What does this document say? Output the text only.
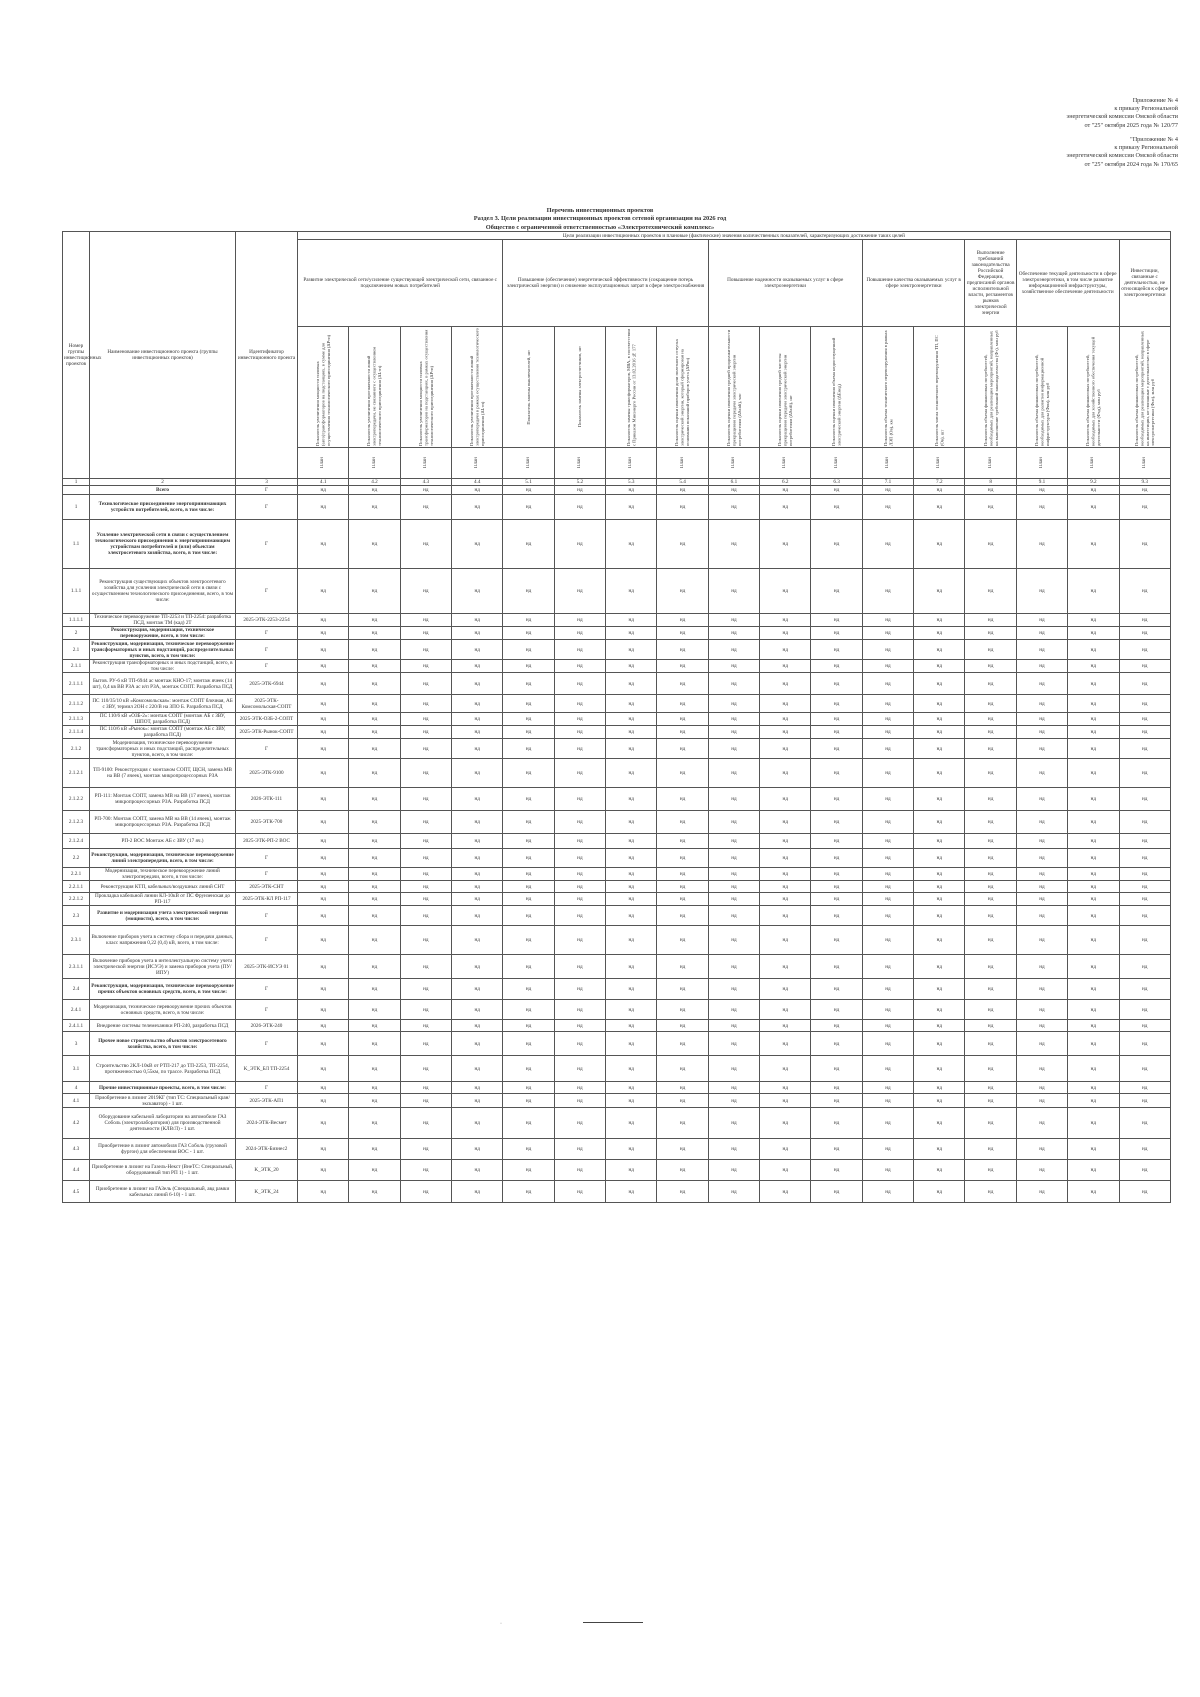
Приложение № 4
к приказу Региональной
энергетической комиссии Омской области
от "25" октября 2025 года № 120/77
"Приложение № 4
к приказу Региональной
энергетической комиссии Омской области
от "25" октября 2024 года № 170/65
Перечень инвестиционных проектов
Раздел 3. Цели реализации инвестиционных проектов сетевой организации на 2026 год
Общество с ограниченной ответственностью «Электротехнический комплекс»
Номер группы инвестиционных проектов	Наименование инвестиционного проекта (группы инвестиционных проектов)	Идентификатор инвестиционного проекта	Цели реализации инвестиционных проектов и плановые (фактические) значения количественных показателей, характеризующих достижение таких целей																	
			Развитие электрической сети/усиление существующей электрической сети, связанное с подключением новых потребителей				Повышение (обеспечение) энергетической эффективности (сокращение потерь электрической энергии) и снижение эксплуатационных затрат в сфере электроснабжения				Повышение надежности оказываемых услуг в сфере электроэнергетики			Повышение качества оказываемых услуг в сфере электроэнергетики		Выполнение требований законодательства Российской Федерации, предписаний органов исполнительной власти, регламентов рынков электрической энергии	Обеспечение текущей деятельности в сфере электроэнергетики, в том числе развитие информационной инфраструктуры, хозяйственное обеспечение деятельности		Инвестиции, связанные с деятельностью, не относящейся к сфере электроэнергетики	

			Показатель увеличения мощности силовых (авто)трансформаторов на подстанциях, в сумме для осуществления технологического присоединения (ΔPтп)	Показатель увеличения протяженности линий электропередачи, не связанного с осуществлением технологического присоединения (ΔLтп)	Показатель увеличения мощности силовых трансформаторов на подстанциях, в рамках осуществления технологического присоединения (ΔPтп)	Показатель увеличения протяженности линий электропередачи в рамках осуществления технологического присоединения (ΔLтп)	Показатель замены выключателей, шт	Показатель замены электросчетчиков, шт	Показатель замены трансформаторов, МВА, в соответствии с Приказом Минэнерго России от 13.02.2016 № 177	Показатель оценки изменения доли полезного отпуска электрической энергии, который сформирован на основании показаний приборов учета (ΔPпо)	Показатель оценки изменения средней продолжительности прекращения передачи электрической энергии потребителям (ΔSaidi), час	Показатель оценки изменения средней частоты прекращения передачи электрической энергии потребителям (ΔSaifi), шт	Показатель оценки изменения объема недоотпущенной электрической энергии (ΔEнед)	Показатель объема технического перевооружения в рамках ЛЭП (Ов), км	Показатель числа технического перевооружения ТП, ПС (Ов), шт	Показатель объема финансовых потребностей, необходимых для реализации мероприятий, направленных на выполнение требований законодательства (Фт), млн руб	Показатель объема финансовых потребностей, необходимых для развития информационной инфраструктуры (Фин), млн руб	Показатель объема финансовых потребностей, необходимых для хозяйственного обеспечения текущей деятельности (Фхд), млн руб	Показатель объема финансовых потребностей, необходимых для реализации мероприятий, направленных на инвестиции, не связанные с деятельностью в сфере электроэнергетики (Фнэ), млн руб	

			План	План	План	План	План	План	План	План	План	План	План	План	План	План	План	План	План	

1	2	3	4.1	4.2	4.3	4.4	5.1	5.2	5.3	5.4	6.1	6.2	6.3	7.1	7.2	8	9.1	9.2	9.3	
	Всего	Г	нд	нд	нд	нд	нд	нд	нд	нд	нд	нд	нд	нд	нд	нд	нд	нд	нд	
1	Технологическое присоединение энергопринимающих устройств потребителей, всего, в том числе:	Г	нд	нд	нд	нд	нд	нд	нд	нд	нд	нд	нд	нд	нд	нд	нд	нд	нд	
1.1	Усиление электрической сети в связи с осуществлением технологического присоединения к энергопринимающим устройствам потребителей и (или) объектам электросетевого хозяйства, всего, в том числе:	Г	нд	нд	нд	нд	нд	нд	нд	нд	нд	нд	нд	нд	нд	нд	нд	нд	нд	
1.1.1	Реконструкция существующих объектов электросетевого хозяйства для усиления электрической сети в связи с осуществлением технологического присоединения, всего, в том числе:	Г	нд	нд	нд	нд	нд	нд	нд	нд	нд	нд	нд	нд	нд	нд	нд	нд	нд	
1.1.1.1	Техническое перевооружение ТП-2253 и ТП-2254: разработка ПСД, монтаж ТМ (кад) 2Т	2025-ЭТК-2253-2254	нд	нд	нд	нд	нд	нд	нд	нд	нд	нд	нд	нд	нд	нд	нд	нд	нд	
2	Реконструкция, модернизация, техническое перевооружение, всего, в том числе:	Г	нд	нд	нд	нд	нд	нд	нд	нд	нд	нд	нд	нд	нд	нд	нд	нд	нд	
2.1	Реконструкция, модернизация, техническое перевооружение трансформаторных и иных подстанций, распределительных пунктов, всего, в том числе:	Г	нд	нд	нд	нд	нд	нд	нд	нд	нд	нд	нд	нд	нд	нд	нд	нд	нд	
2.1.1	Реконструкция трансформаторных и иных подстанций, всего, в том числе:	Г	нд	нд	нд	нд	нд	нд	нд	нд	нд	нд	нд	нд	нд	нд	нд	нд	нд	
2.1.1.1	Бытов. РУ-6 кВ ТП-6944 ac монтаж КНО-17; монтаж ячеек (14 шт), 0,4 кв ВВ РЗА ac и/п РЗА, монтаж СОПТ. Разработка ПСД	2025-ЭТК-6944	нд	нд	нд	нд	нд	нд	нд	нд	нд	нд	нд	нд	нд	нд	нд	нд	нд	
2.1.1.2	ПС 110/35/10 кВ «Комсомольская»: монтаж СОПТ блочная, АБ с ЗВУ, термил 2ОН с 220/В на ЗПО Б. Разработка ПСД	2025-ЭТК-Комсомольская-СОПТ	нд	нд	нд	нд	нд	нд	нд	нд	нд	нд	нд	нд	нд	нд	нд	нд	нд	
2.1.1.3	ПС 110/6 кВ «ОЗБ-2»: монтаж СОПТ (монтаж АБ с ЗВУ, ШПОТ, разработка ПСД)	2025-ЭТК-ОЗБ-2-СОПТ	нд	нд	нд	нд	нд	нд	нд	нд	нд	нд	нд	нд	нд	нд	нд	нд	нд	
2.1.1.4	ПС 110/6 кВ «Рынок»: монтаж СОПТ (монтаж АБ с ЗВУ, разработка ПСД)	2025-ЭТК-Рынок-СОПТ	нд	нд	нд	нд	нд	нд	нд	нд	нд	нд	нд	нд	нд	нд	нд	нд	нд	
2.1.2	Модернизация, техническое перевооружение трансформаторных и иных подстанций, распределительных пунктов, всего, в том числе:	Г	нд	нд	нд	нд	нд	нд	нд	нд	нд	нд	нд	нд	нд	нд	нд	нд	нд	
2.1.2.1	ТП-9100: Реконструкция с монтажом СОПТ, ЩСН, замена МВ на ВВ (7 ячеек), монтаж микропроцессорных РЗА	2025-ЭТК-9100	нд	нд	нд	нд	нд	нд	нд	нд	нд	нд	нд	нд	нд	нд	нд	нд	нд	
2.1.2.2	РП-111: Монтаж СОПТ, замена МВ на ВВ (17 ячеек), монтаж микропроцессорных РЗА. Разработка ПСД	2026-ЭТК-111	нд	нд	нд	нд	нд	нд	нд	нд	нд	нд	нд	нд	нд	нд	нд	нд	нд	
2.1.2.3	РП-700: Монтаж СОПТ, замена МВ на ВВ (14 ячеек), монтаж микропроцессорных РЗА. Разработка ПСД	2025-ЭТК-700	нд	нд	нд	нд	нд	нд	нд	нд	нд	нд	нд	нд	нд	нд	нд	нд	нд	
2.1.2.4	РП-2 ВОС Монтаж АБ с ЗВУ (17 яч.)	2025-ЭТК-РП-2 ВОС	нд	нд	нд	нд	нд	нд	нд	нд	нд	нд	нд	нд	нд	нд	нд	нд	нд	
2.2	Реконструкция, модернизация, техническое перевооружение линий электропередачи, всего, в том числе:	Г	нд	нд	нд	нд	нд	нд	нд	нд	нд	нд	нд	нд	нд	нд	нд	нд	нд	
2.2.1	Модернизация, техническое перевооружение линий электропередачи, всего, в том числе:	Г	нд	нд	нд	нд	нд	нд	нд	нд	нд	нд	нд	нд	нд	нд	нд	нд	нд	
2.2.1.1	Реконструкция КТП, кабельных/воздушных линий СНТ	2025-ЭТК-СНТ	нд	нд	нд	нд	нд	нд	нд	нд	нд	нд	нд	нд	нд	нд	нд	нд	нд	
2.2.1.2	Прокладка кабельной линии КЛ-10кВ от ПС Фрунзенская до РП-117	2025-ЭТК-КЛ РП-117	нд	нд	нд	нд	нд	нд	нд	нд	нд	нд	нд	нд	нд	нд	нд	нд	нд	
2.3	Развитие и модернизация учета электрической энергии (мощности), всего, в том числе:	Г	нд	нд	нд	нд	нд	нд	нд	нд	нд	нд	нд	нд	нд	нд	нд	нд	нд	
2.3.1	Включение приборов учета в систему сбора и передачи данных, класс напряжения 0,22 (0,4) кВ, всего, в том числе:	Г	нд	нд	нд	нд	нд	нд	нд	нд	нд	нд	нд	нд	нд	нд	нд	нд	нд	
2.3.1.1	Включение приборов учета в интеллектуальную систему учета электрической энергии (ИСУЭ) и замена приборов учета (ПУ/ИПУ)	2025-ЭТК-ИСУЭ 01	нд	нд	нд	нд	нд	нд	нд	нд	нд	нд	нд	нд	нд	нд	нд	нд	нд	
2.4	Реконструкция, модернизация, техническое перевооружение прочих объектов основных средств, всего, в том числе:	Г	нд	нд	нд	нд	нд	нд	нд	нд	нд	нд	нд	нд	нд	нд	нд	нд	нд	
2.4.1	Модернизация, техническое перевооружение прочих объектов основных средств, всего, в том числе:	Г	нд	нд	нд	нд	нд	нд	нд	нд	нд	нд	нд	нд	нд	нд	нд	нд	нд	
2.4.1.1	Внедрение системы телемеханики РП-240, разработка ПСД	2026-ЭТК-240	нд	нд	нд	нд	нд	нд	нд	нд	нд	нд	нд	нд	нд	нд	нд	нд	нд	
3	Прочее новое строительство объектов электросетевого хозяйства, всего, в том числе:	Г	нд	нд	нд	нд	нд	нд	нд	нд	нд	нд	нд	нд	нд	нд	нд	нд	нд	
3.1	Строительство 2КЛ-10кВ от РТП-217 до ТП-2253, ТП-2254, протяженностью 0,55км, по трассе. Разработка ПСД	K_ЭТК_БЛ ТП-2254	нд	нд	нд	нд	нд	нд	нд	нд	нд	нд	нд	нд	нд	нд	нд	нд	нд	
4	Прочие инвестиционные проекты, всего, в том числе:	Г	нд	нд	нд	нд	нд	нд	нд	нд	нд	нд	нд	нд	нд	нд	нд	нд	нд	
4.1	Приобретение в лизинг 2019КГ (тип ТС: Специальный кран/экскаватор) - 1 шт.	2025-ЭТК-АП1	нд	нд	нд	нд	нд	нд	нд	нд	нд	нд	нд	нд	нд	нд	нд	нд	нд	
4.2	Оборудование кабельной лаборатории на автомобиле ГАЗ Соболь (электролаборатория) для производственной деятельности (КЛВ/Л) - 1 шт.	2024-ЭТК-Весмет	нд	нд	нд	нд	нд	нд	нд	нд	нд	нд	нд	нд	нд	нд	нд	нд	нд	
4.3	Приобретение в лизинг автомобиля ГАЗ Соболь (грузовой фургон) для обеспечения ВОС - 1 шт.	2024-ЭТК-Бизнес2	нд	нд	нд	нд	нд	нд	нд	нд	нд	нд	нд	нд	нд	нд	нд	нд	нд	
4.4	Приобретение в лизинг на Газель-Некст (ВнеТС: Специальный, оборудованный тип РП 1) - 1 шт.	K_ЭТК_20	нд	нд	нд	нд	нд	нд	нд	нд	нд	нд	нд	нд	нд	нд	нд	нд	нд	
4.5	Приобретение в лизинг на ГАЗель (Специальный, авд рамки кабельных линий 6-10) - 1 шт.	K_ЭТК_24	нд	нд	нд	нд	нд	нд	нд	нд	нд	нд	нд	нд	нд	нд	нд	нд	нд	
·
